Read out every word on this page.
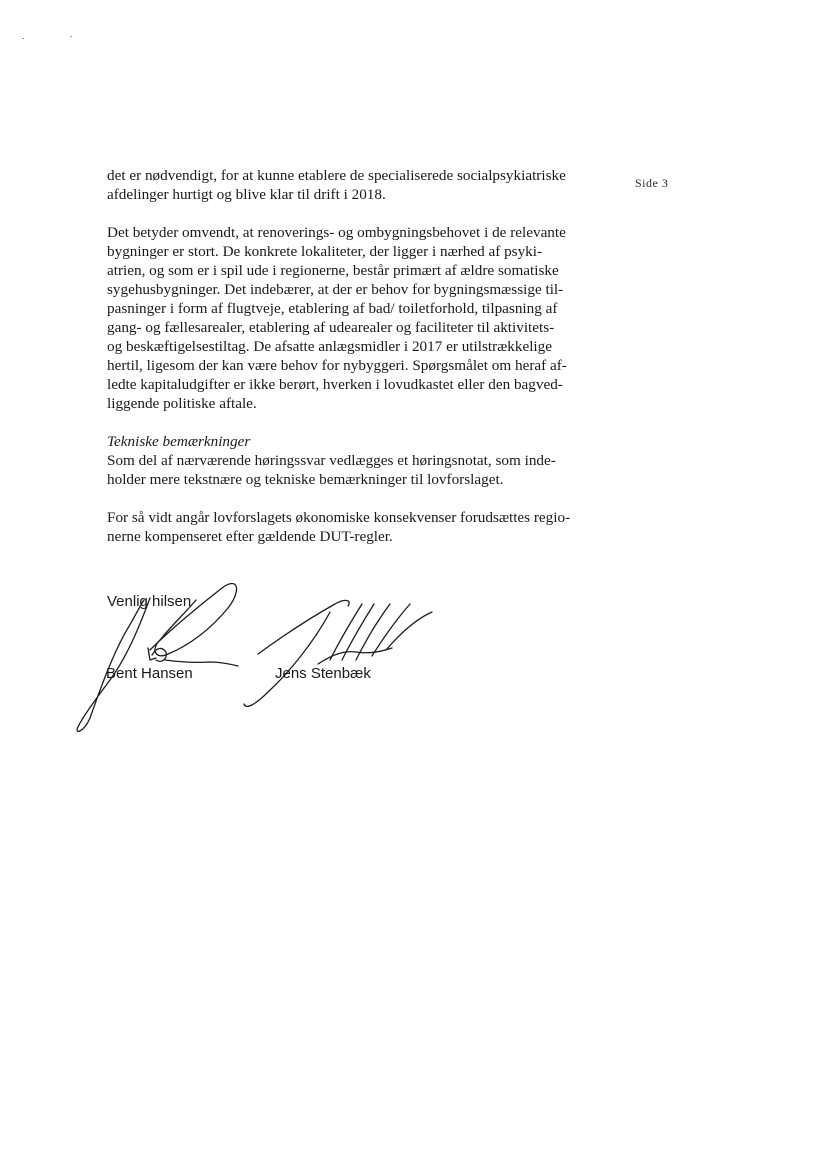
Side 3
det er nødvendigt, for at kunne etablere de specialiserede socialpsykiatriske
afdelinger hurtigt og blive klar til drift i 2018.
Det betyder omvendt, at renoverings- og ombygningsbehovet i de relevante
bygninger er stort. De konkrete lokaliteter, der ligger i nærhed af psyki-
atrien, og som er i spil ude i regionerne, består primært af ældre somatiske
sygehusbygninger. Det indebærer, at der er behov for bygningsmæssige til-
pasninger i form af flugtveje, etablering af bad/ toiletforhold, tilpasning af
gang- og fællesarealer, etablering af udearealer og faciliteter til aktivitets-
og beskæftigelsestiltag. De afsatte anlægsmidler i 2017 er utilstrækkelige
hertil, ligesom der kan være behov for nybyggeri. Spørgsmålet om heraf af-
ledte kapitaludgifter er ikke berørt, hverken i lovudkastet eller den bagved-
liggende politiske aftale.
Tekniske bemærkninger
Som del af nærværende høringssvar vedlægges et høringsnotat, som inde-
holder mere tekstnære og tekniske bemærkninger til lovforslaget.
For så vidt angår lovforslagets økonomiske konsekvenser forudsættes regio-
nerne kompenseret efter gældende DUT-regler.
Venlig hilsen
Bent Hansen	Jens Stenbæk
